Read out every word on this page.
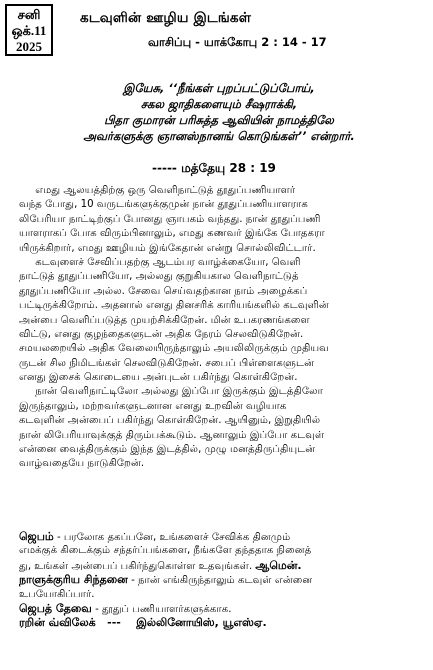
சனி
ஒக்.11
2025
கடவுளின் ஊழிய இடங்கள்
வாசிப்பு - யாக்கோபு 2 : 14 - 17
இயேசு, ‘‘நீங்கள் புறப்பட்டுப்போய்,
சகல ஜாதிகளையும் சீஷராக்கி,
பிதா குமாரன் பரிசுத்த ஆவியின் நாமத்திலே
அவர்களுக்கு ஞானஸ்நானங் கொடுங்கள்’’ என்றார்.
----- மத்தேயு 28 : 19
எமது ஆலயத்திற்கு ஒரு வெளிநாட்டுத் தூதுப்பணியாளர்
வந்த போது, 10 வருடங்களுக்குமுன் நான் தூதுப்பணியாளராக
லிபேரியா நாட்டிற்குப் போனது ஞாபகம் வந்தது. நான் தூதுப்பணி
யாளராகப் போக விரும்பினாலும், எமது கணவர் இங்கே போதகரா
யிருக்கிறார், எமது ஊழியம் இங்கேதான் என்று சொல்லிவிட்டார்.
கடவுளைச் சேவிப்பதற்கு ஆடம்பர வாழ்க்கையோ, வெளி
நாட்டுத் தூதுப்பணியோ, அல்லது குறுகியகால வெளிநாட்டுத்
தூதுப்பணியோ அல்ல. சேவை செய்வதற்கான நாம் அழைக்கப்
பட்டிருக்கிறோம். அதனால் எனது தினசரிக் காரியங்களில் கடவுளின்
அன்பை வெளிப்படுத்த முயற்சிக்கிறேன். மின் உபகரணங்களை
விட்டு, எனது குழந்தைகளுடன் அதிக நேரம் செலவிடுகிறேன்.
சமயலறையில் அதிக வேலையிருந்தாலும் அயலிலிருக்கும் முதியவ
ருடன் சில நிமிடங்கள் செலவிடுகிறேன். சபைப் பிள்ளைகளுடன்
எனது இசைக் கொடையை அன்புடன் பகிர்ந்து கொள்கிறேன்.
நான் வெளிநாட்டிலோ அல்லது இப்போ இருக்கும் இடத்திலோ
இருந்தாலும், மற்றவர்களுடனான எனது உறவின் வழியாக
கடவுளின் அன்பைப் பகிர்ந்து கொள்கிறேன். ஆயினும், இறுதியில்
நான் லிபேரியாவுக்குத் திரும்பக்கூடும். ஆனாலும் இப்போ கடவுள்
என்னை வைத்திருக்கும் இந்த இடத்தில், முழு மனத்திருப்தியுடன்
வாழ்வதையே நாடுகிறேன்.
ஜெபம் - பரலோக தகப்பனே, உங்களைச் சேவிக்க தினமும்
எமக்குக் கிடைக்கும் சந்தர்ப்பங்களை, நீங்களே தந்ததாக நினைத்
து, உங்கள் அன்பைப் பகிர்ந்துகொள்ள உதவுங்கள். ஆமென்.
நாளுக்குரிய சிந்தனை - நான் எங்கிருந்தாலும் கடவுள் என்னை
உபயோகிப்பார்.
ஜெபத் தேவை - தூதுப் பணியாளர்களுக்காக.
ரறின் வ்விலேக் --- இல்லினோயிஸ், யூஎஸ்ஏ.
